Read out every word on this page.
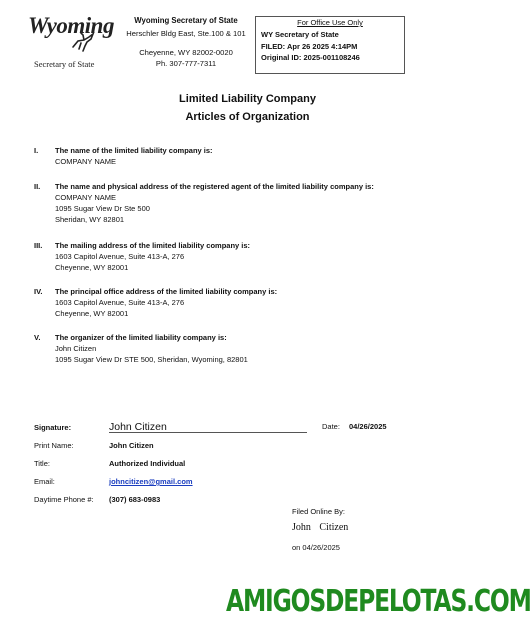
Wyoming
Secretary of State
Wyoming Secretary of State
Herschler Bldg East, Ste.100 & 101
Cheyenne, WY 82002-0020
Ph. 307-777-7311
For Office Use Only
WY Secretary of State
FILED: Apr 26 2025 4:14PM
Original ID: 2025-001108246
Limited Liability Company
Articles of Organization
I. The name of the limited liability company is:
COMPANY NAME
II. The name and physical address of the registered agent of the limited liability company is:
COMPANY NAME
1095 Sugar View Dr Ste 500
Sheridan, WY 82801
III. The mailing address of the limited liability company is:
1603 Capitol Avenue, Suite 413-A, 276
Cheyenne, WY 82001
IV. The principal office address of the limited liability company is:
1603 Capitol Avenue, Suite 413-A, 276
Cheyenne, WY 82001
V. The organizer of the limited liability company is:
John Citizen
1095 Sugar View Dr STE 500, Sheridan, Wyoming, 82801
Signature:	John Citizen	Date: 04/26/2025
Print Name:	John Citizen
Title:	Authorized Individual
Email:	johncitizen@gmail.com
Daytime Phone #: (307) 683-0983
Filed Online By:
John Citizen
on 04/26/2025
AMIGOSDEPELOTAS.COM
